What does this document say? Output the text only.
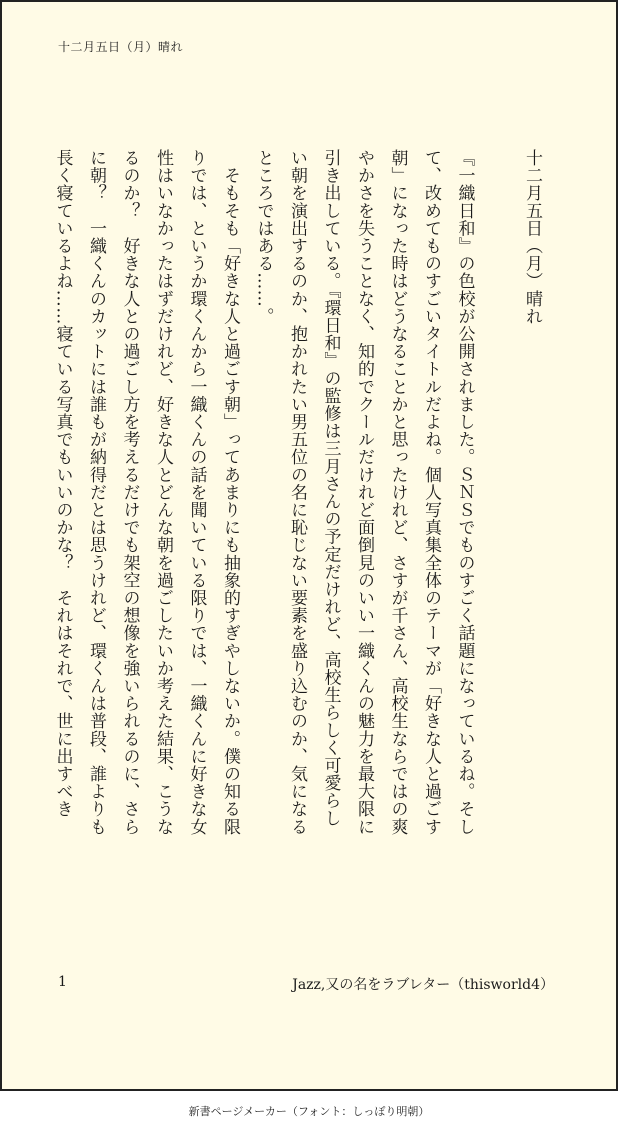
十二月五日（月）晴れ
十二月五日（月）晴れ
『一織日和』の色校が公開されました。ＳＮＳでものすごく話題になっているね。そし
て、改めてものすごいタイトルだよね。個人写真集全体のテーマが「好きな人と過ごす
朝」になった時はどうなることかと思ったけれど、さすが千さん、高校生ならではの爽
やかさを失うことなく、知的でクールだけれど面倒見のいい一織くんの魅力を最大限に
引き出している。『環日和』の監修は三月さんの予定だけれど、高校生らしく可愛らし
い朝を演出するのか、抱かれたい男五位の名に恥じない要素を盛り込むのか、気になる
ところではある……。
　そもそも「好きな人と過ごす朝」ってあまりにも抽象的すぎやしないか。僕の知る限
りでは、というか環くんから一織くんの話を聞いている限りでは、一織くんに好きな女
性はいなかったはずだけれど、好きな人とどんな朝を過ごしたいか考えた結果、こうな
るのか？　好きな人との過ごし方を考えるだけでも架空の想像を強いられるのに、さら
に朝？　一織くんのカットには誰もが納得だとは思うけれど、環くんは普段、誰よりも
長く寝ているよね……寝ている写真でもいいのかな？　それはそれで、世に出すべき
1	Jazz,又の名をラブレター（thisworld4）
新書ページメーカー（フォント：しっぽり明朝）
